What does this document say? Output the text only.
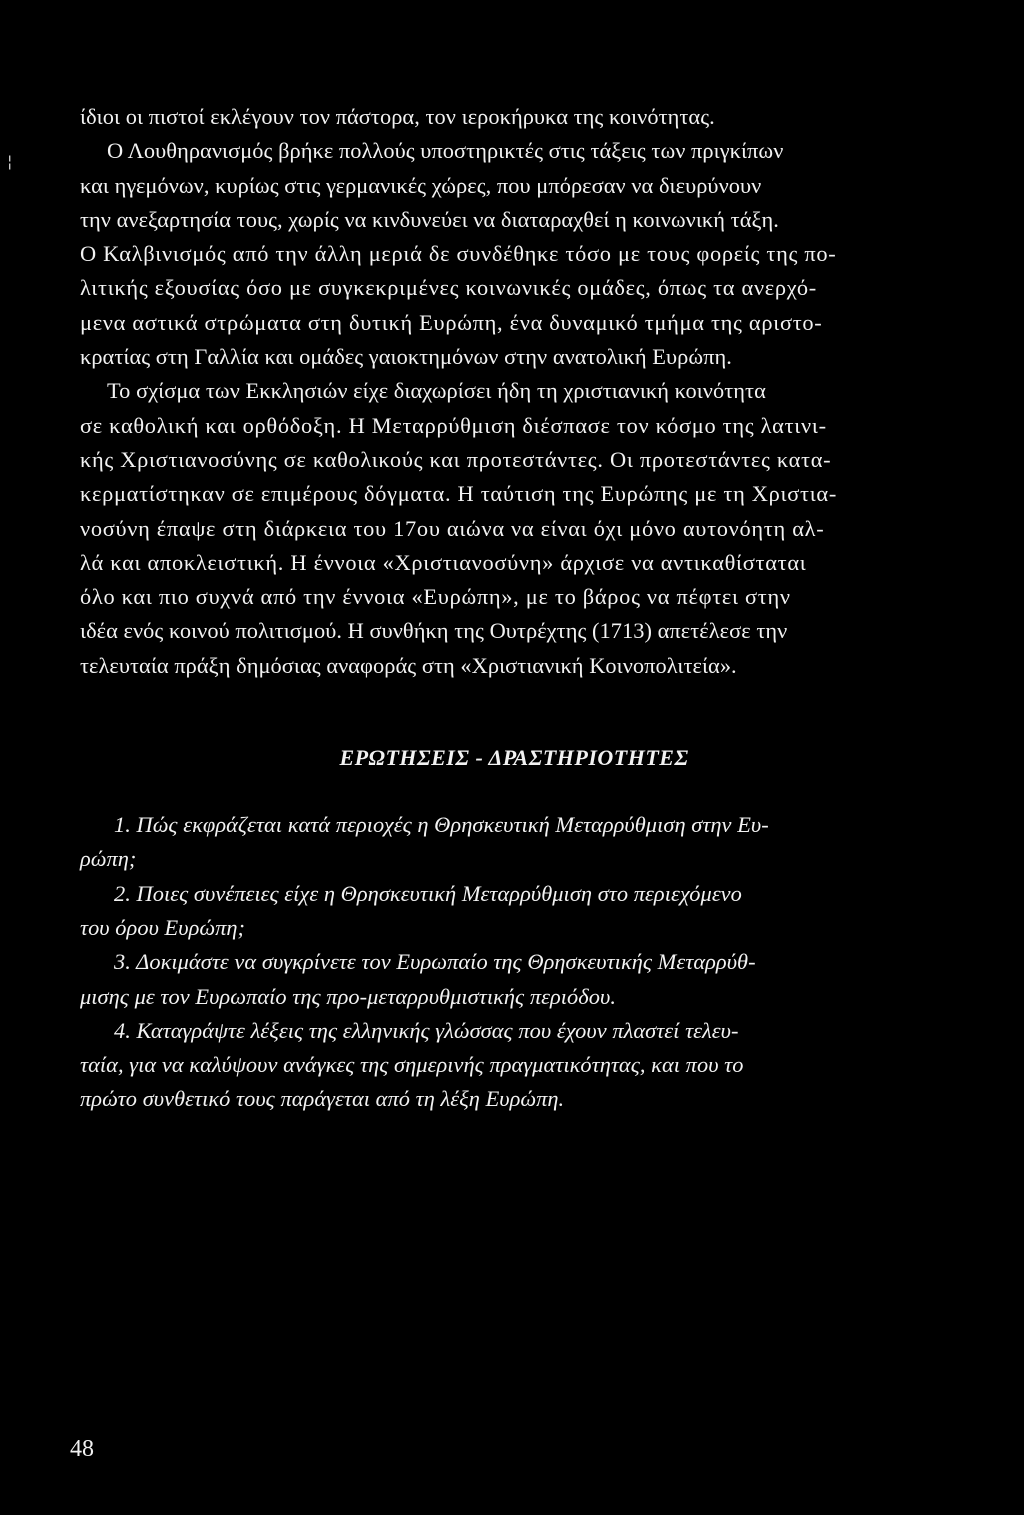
¦
ίδιοι οι πιστοί εκλέγουν τον πάστορα, τον ιεροκήρυκα της κοινότητας.
Ο Λουθηρανισμός βρήκε πολλούς υποστηρικτές στις τάξεις των πριγκίπων
και ηγεμόνων, κυρίως στις γερμανικές χώρες, που μπόρεσαν να διευρύνουν
την ανεξαρτησία τους, χωρίς να κινδυνεύει να διαταραχθεί η κοινωνική τάξη.
Ο Καλβινισμός από την άλλη μεριά δε συνδέθηκε τόσο με τους φορείς της πο-
λιτικής εξουσίας όσο με συγκεκριμένες κοινωνικές ομάδες, όπως τα ανερχό-
μενα αστικά στρώματα στη δυτική Ευρώπη, ένα δυναμικό τμήμα της αριστο-
κρατίας στη Γαλλία και ομάδες γαιοκτημόνων στην ανατολική Ευρώπη.
Το σχίσμα των Εκκλησιών είχε διαχωρίσει ήδη τη χριστιανική κοινότητα
σε καθολική και ορθόδοξη. Η Μεταρρύθμιση διέσπασε τον κόσμο της λατινι-
κής Χριστιανοσύνης σε καθολικούς και προτεστάντες. Οι προτεστάντες κατα-
κερματίστηκαν σε επιμέρους δόγματα. Η ταύτιση της Ευρώπης με τη Χριστια-
νοσύνη έπαψε στη διάρκεια του 17ου αιώνα να είναι όχι μόνο αυτονόητη αλ-
λά και αποκλειστική. Η έννοια «Χριστιανοσύνη» άρχισε να αντικαθίσταται
όλο και πιο συχνά από την έννοια «Ευρώπη», με το βάρος να πέφτει στην
ιδέα ενός κοινού πολιτισμού. Η συνθήκη της Ουτρέχτης (1713) απετέλεσε την
τελευταία πράξη δημόσιας αναφοράς στη «Χριστιανική Κοινοπολιτεία».
ΕΡΩΤΗΣΕΙΣ - ΔΡΑΣΤΗΡΙΟΤΗΤΕΣ
1. Πώς εκφράζεται κατά περιοχές η Θρησκευτική Μεταρρύθμιση στην Ευ-
ρώπη;
2. Ποιες συνέπειες είχε η Θρησκευτική Μεταρρύθμιση στο περιεχόμενο
του όρου Ευρώπη;
3. Δοκιμάστε να συγκρίνετε τον Ευρωπαίο της Θρησκευτικής Μεταρρύθ-
μισης με τον Ευρωπαίο της προ-μεταρρυθμιστικής περιόδου.
4. Καταγράψτε λέξεις της ελληνικής γλώσσας που έχουν πλαστεί τελευ-
ταία, για να καλύψουν ανάγκες της σημερινής πραγματικότητας, και που το
πρώτο συνθετικό τους παράγεται από τη λέξη Ευρώπη.
48
